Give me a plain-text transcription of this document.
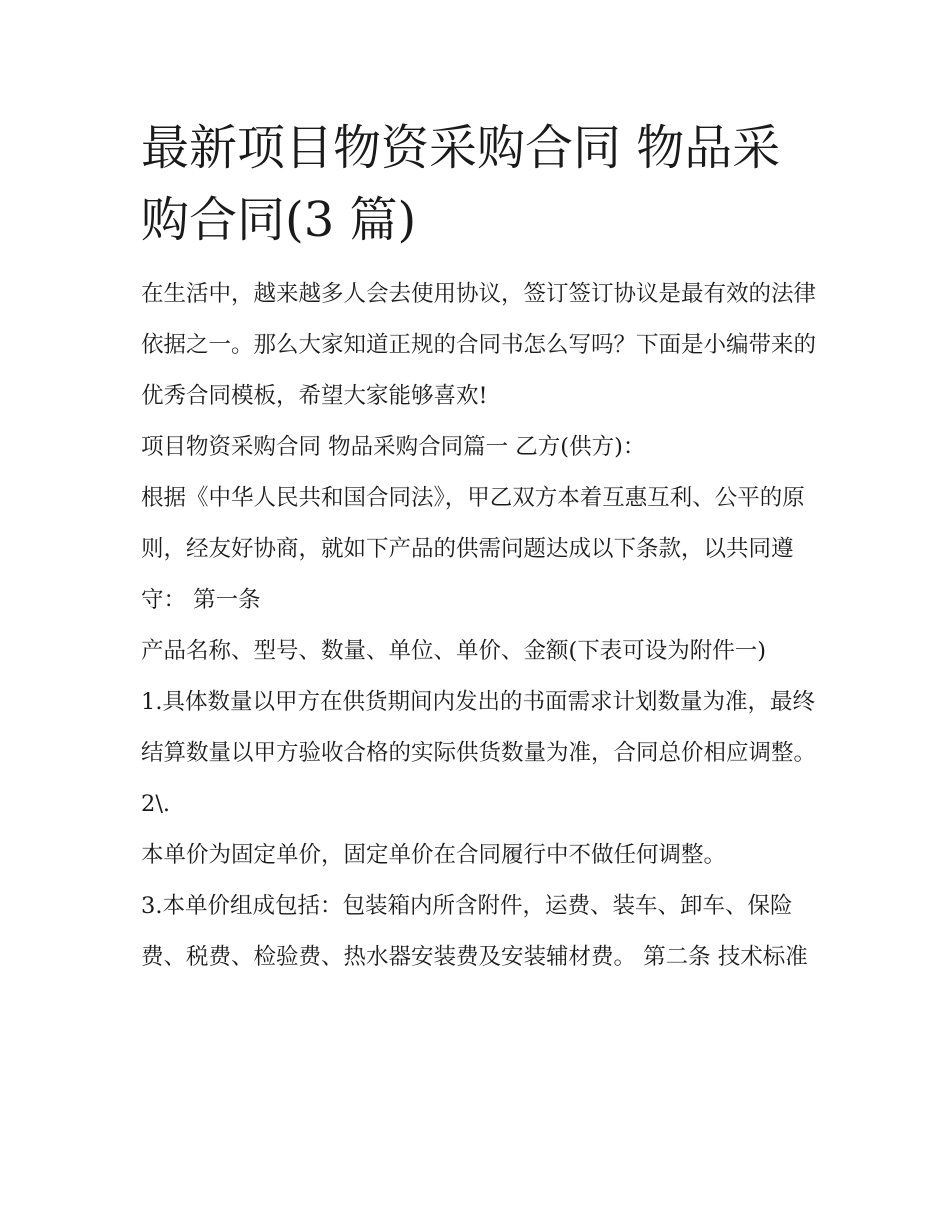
最新项目物资采购合同 物品采购合同(3 篇)

在生活中，越来越多人会去使用协议，签订签订协议是最有效的法律依据之一。那么大家知道正规的合同书怎么写吗？下面是小编带来的优秀合同模板，希望大家能够喜欢!

项目物资采购合同 物品采购合同篇一 乙方(供方)：

根据《中华人民共和国合同法》，甲乙双方本着互惠互利、公平的原则，经友好协商，就如下产品的供需问题达成以下条款，以共同遵守： 第一条

产品名称、型号、数量、单位、单价、金额(下表可设为附件一)

1.具体数量以甲方在供货期间内发出的书面需求计划数量为准，最终结算数量以甲方验收合格的实际供货数量为准，合同总价相应调整。 2\.

本单价为固定单价，固定单价在合同履行中不做任何调整。

3.本单价组成包括：包装箱内所含附件，运费、装车、卸车、保险费、税费、检验费、热水器安装费及安装辅材费。 第二条 技术标准
